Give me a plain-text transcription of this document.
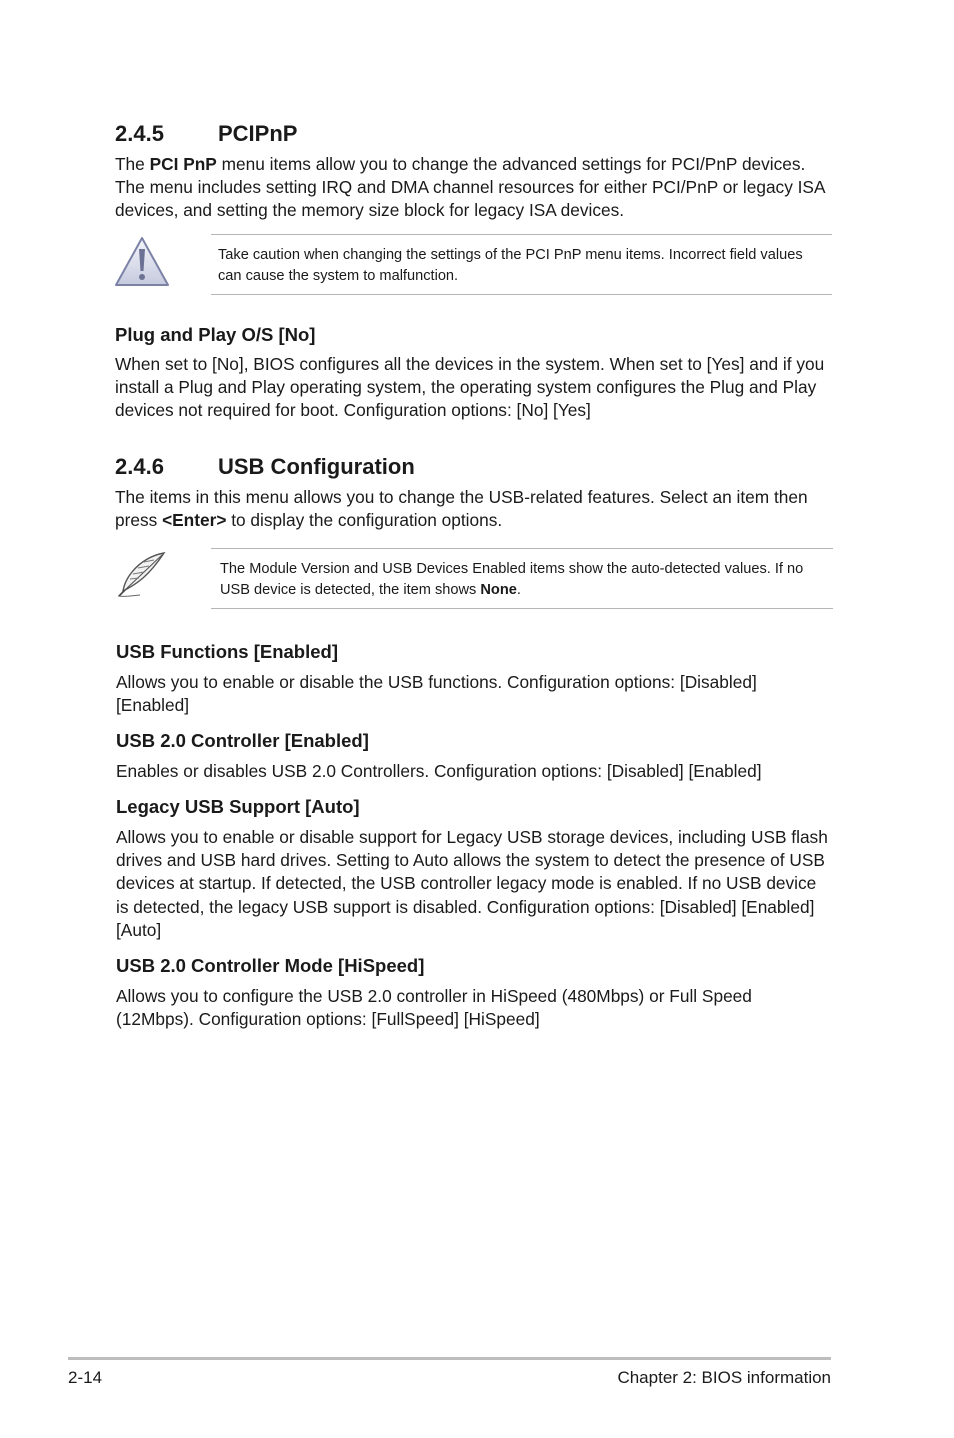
2.4.5 PCIPnP

The PCI PnP menu items allow you to change the advanced settings for PCI/PnP devices.
The menu includes setting IRQ and DMA channel resources for either PCI/PnP or legacy ISA
devices, and setting the memory size block for legacy ISA devices.

Take caution when changing the settings of the PCI PnP menu items. Incorrect field values
can cause the system to malfunction.

Plug and Play O/S [No]

When set to [No], BIOS configures all the devices in the system. When set to [Yes] and if you
install a Plug and Play operating system, the operating system configures the Plug and Play
devices not required for boot. Configuration options: [No] [Yes]

2.4.6 USB Configuration

The items in this menu allows you to change the USB-related features. Select an item then
press <Enter> to display the configuration options.

The Module Version and USB Devices Enabled items show the auto-detected values. If no
USB device is detected, the item shows None.

USB Functions [Enabled]

Allows you to enable or disable the USB functions. Configuration options: [Disabled]
[Enabled]

USB 2.0 Controller [Enabled]

Enables or disables USB 2.0 Controllers. Configuration options: [Disabled] [Enabled]

Legacy USB Support [Auto]

Allows you to enable or disable support for Legacy USB storage devices, including USB flash
drives and USB hard drives. Setting to Auto allows the system to detect the presence of USB
devices at startup. If detected, the USB controller legacy mode is enabled. If no USB device
is detected, the legacy USB support is disabled. Configuration options: [Disabled] [Enabled]
[Auto]

USB 2.0 Controller Mode [HiSpeed]

Allows you to configure the USB 2.0 controller in HiSpeed (480Mbps) or Full Speed
(12Mbps). Configuration options: [FullSpeed] [HiSpeed]

2-14	Chapter 2: BIOS information
